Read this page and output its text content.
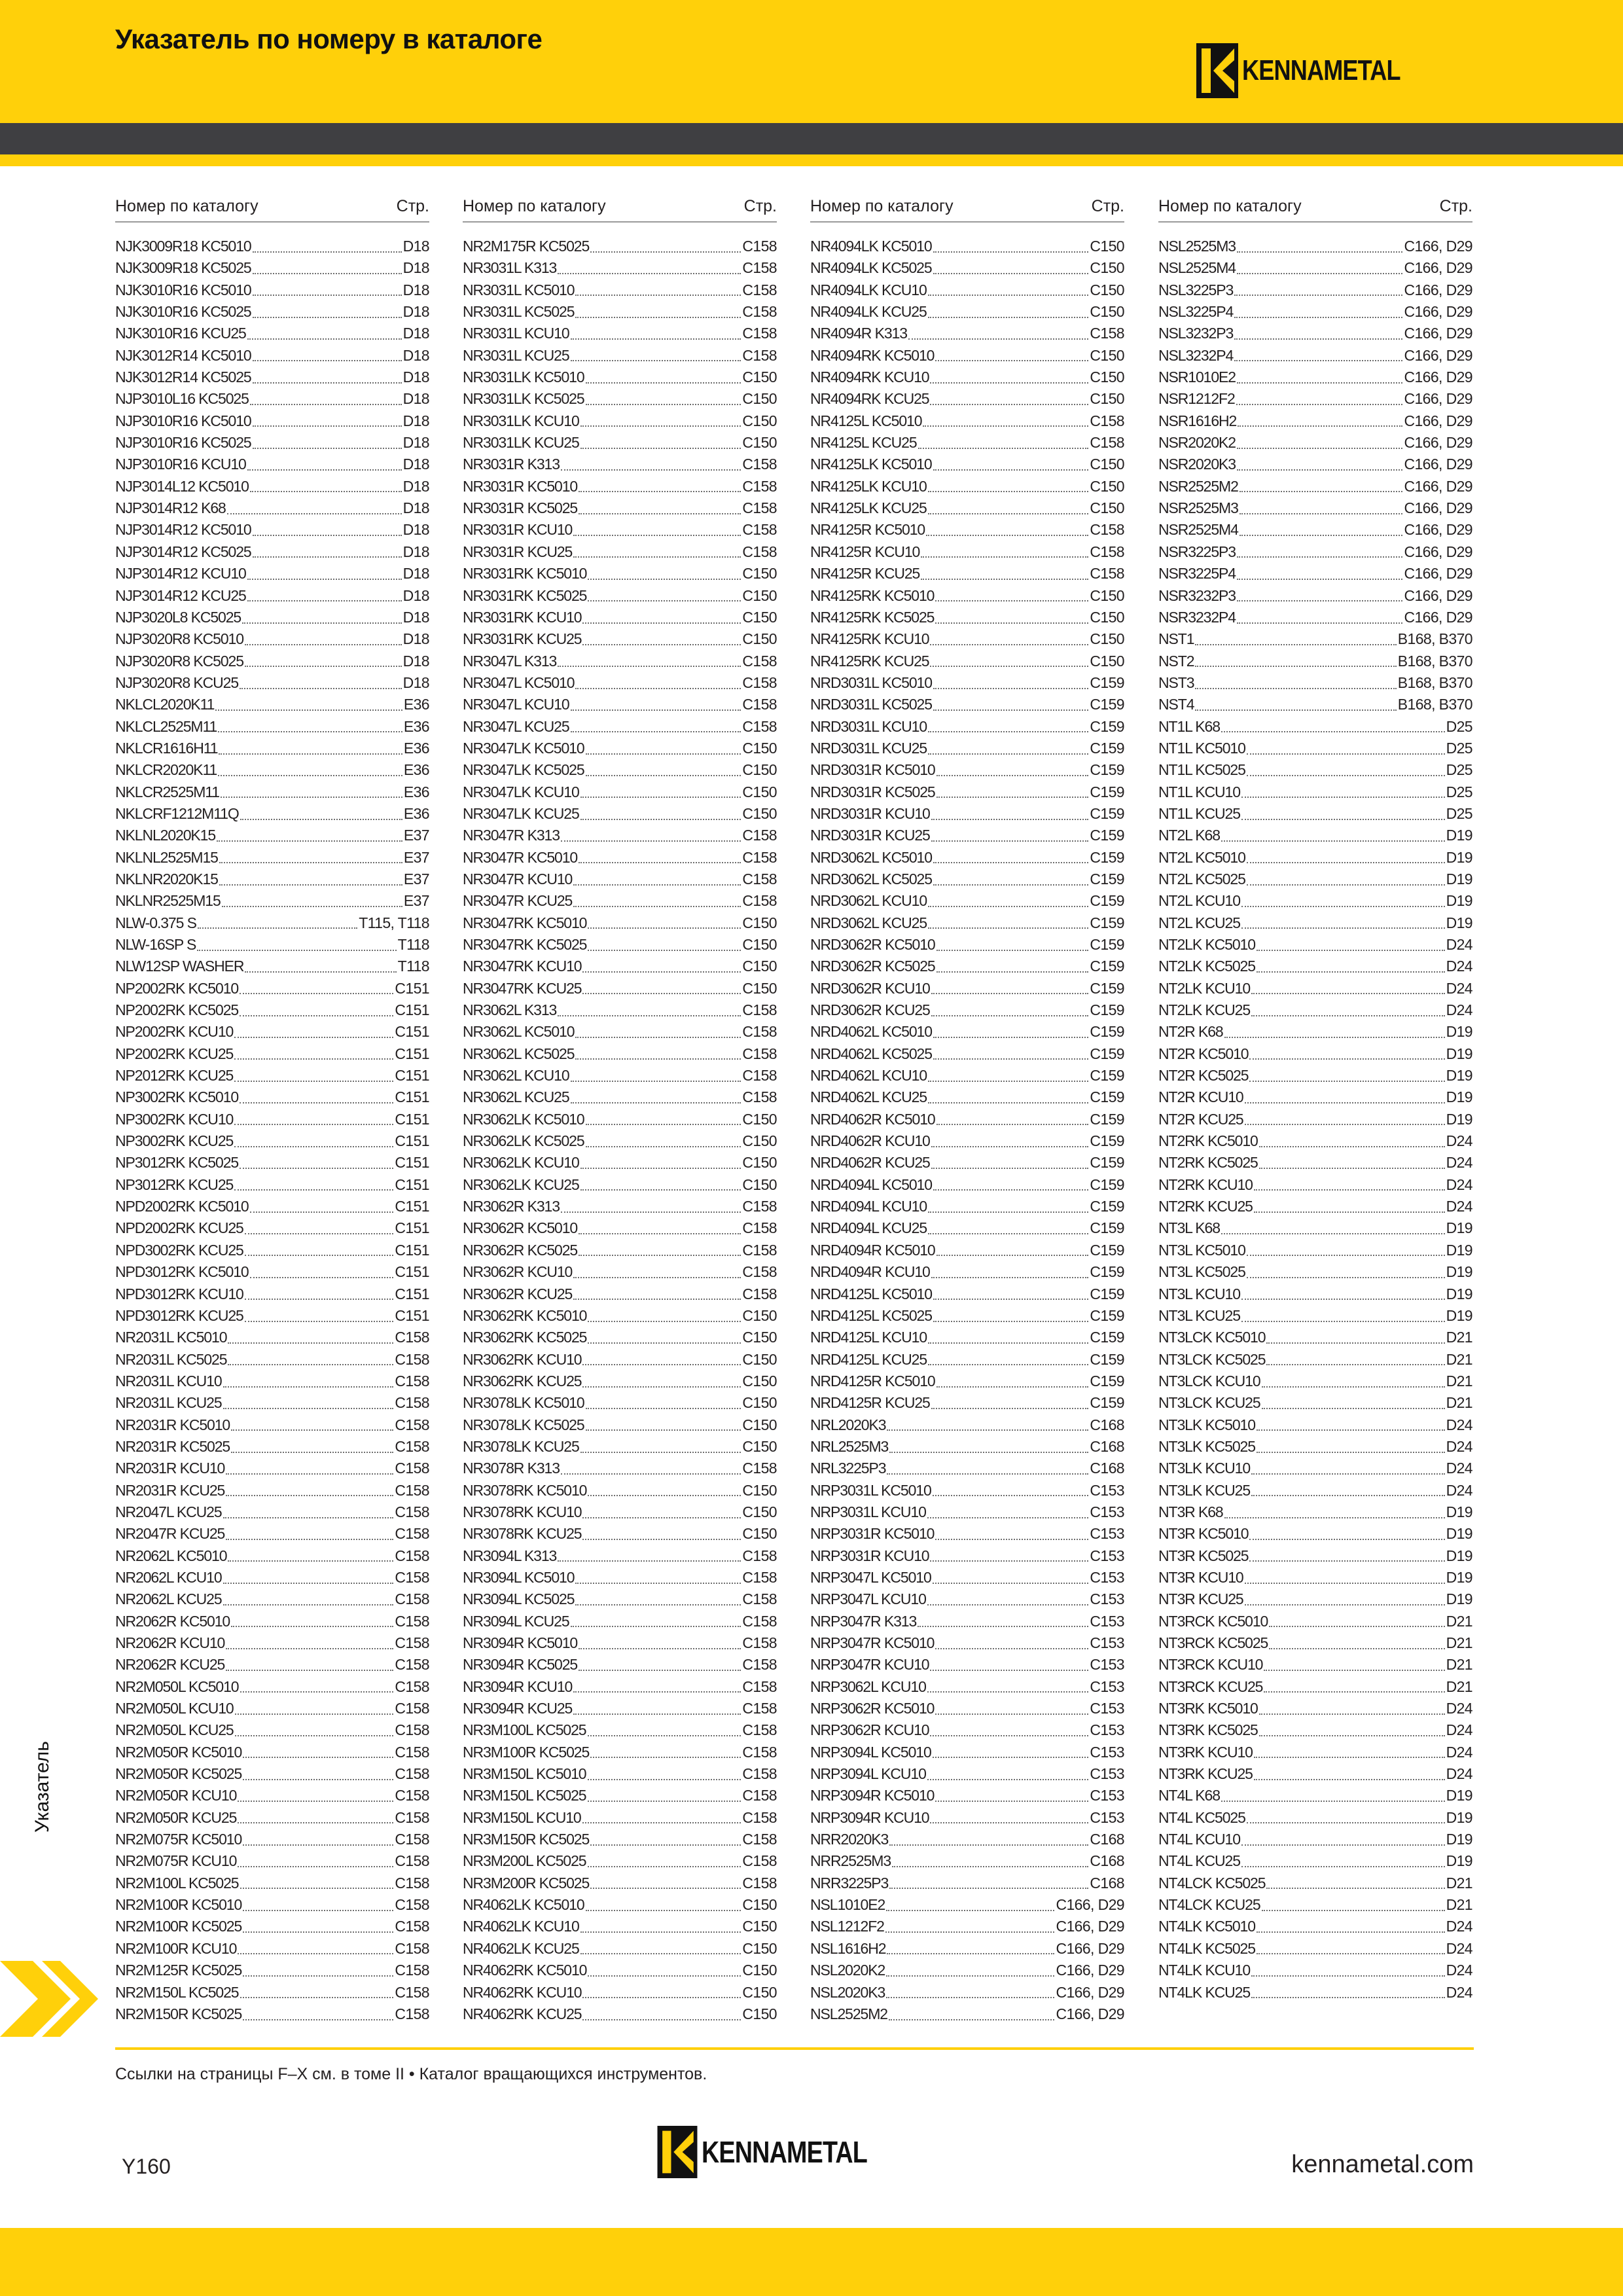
Указатель по номеру в каталоге
KENNAMETAL
Номер по каталогу	Стр.
NJK3009R18 KC5010	D18
NJK3009R18 KC5025	D18
NJK3010R16 KC5010	D18
NJK3010R16 KC5025	D18
NJK3010R16 KCU25	D18
NJK3012R14 KC5010	D18
NJK3012R14 KC5025	D18
NJP3010L16 KC5025	D18
NJP3010R16 KC5010	D18
NJP3010R16 KC5025	D18
NJP3010R16 KCU10	D18
NJP3014L12 KC5010	D18
NJP3014R12 K68	D18
NJP3014R12 KC5010	D18
NJP3014R12 KC5025	D18
NJP3014R12 KCU10	D18
NJP3014R12 KCU25	D18
NJP3020L8 KC5025	D18
NJP3020R8 KC5010	D18
NJP3020R8 KC5025	D18
NJP3020R8 KCU25	D18
NKLCL2020K11	E36
NKLCL2525M11	E36
NKLCR1616H11	E36
NKLCR2020K11	E36
NKLCR2525M11	E36
NKLCRF1212M11Q	E36
NKLNL2020K15	E37
NKLNL2525M15	E37
NKLNR2020K15	E37
NKLNR2525M15	E37
NLW-0.375 S	T115, T118
NLW-16SP S	T118
NLW12SP WASHER	T118
NP2002RK KC5010	C151
NP2002RK KC5025	C151
NP2002RK KCU10	C151
NP2002RK KCU25	C151
NP2012RK KCU25	C151
NP3002RK KC5010	C151
NP3002RK KCU10	C151
NP3002RK KCU25	C151
NP3012RK KC5025	C151
NP3012RK KCU25	C151
NPD2002RK KC5010	C151
NPD2002RK KCU25	C151
NPD3002RK KCU25	C151
NPD3012RK KC5010	C151
NPD3012RK KCU10	C151
NPD3012RK KCU25	C151
NR2031L KC5010	C158
NR2031L KC5025	C158
NR2031L KCU10	C158
NR2031L KCU25	C158
NR2031R KC5010	C158
NR2031R KC5025	C158
NR2031R KCU10	C158
NR2031R KCU25	C158
NR2047L KCU25	C158
NR2047R KCU25	C158
NR2062L KC5010	C158
NR2062L KCU10	C158
NR2062L KCU25	C158
NR2062R KC5010	C158
NR2062R KCU10	C158
NR2062R KCU25	C158
NR2M050L KC5010	C158
NR2M050L KCU10	C158
NR2M050L KCU25	C158
NR2M050R KC5010	C158
NR2M050R KC5025	C158
NR2M050R KCU10	C158
NR2M050R KCU25	C158
NR2M075R KC5010	C158
NR2M075R KCU10	C158
NR2M100L KC5025	C158
NR2M100R KC5010	C158
NR2M100R KC5025	C158
NR2M100R KCU10	C158
NR2M125R KC5025	C158
NR2M150L KC5025	C158
NR2M150R KC5025	C158
Номер по каталогу	Стр.
NR2M175R KC5025	C158
NR3031L K313	C158
NR3031L KC5010	C158
NR3031L KC5025	C158
NR3031L KCU10	C158
NR3031L KCU25	C158
NR3031LK KC5010	C150
NR3031LK KC5025	C150
NR3031LK KCU10	C150
NR3031LK KCU25	C150
NR3031R K313	C158
NR3031R KC5010	C158
NR3031R KC5025	C158
NR3031R KCU10	C158
NR3031R KCU25	C158
NR3031RK KC5010	C150
NR3031RK KC5025	C150
NR3031RK KCU10	C150
NR3031RK KCU25	C150
NR3047L K313	C158
NR3047L KC5010	C158
NR3047L KCU10	C158
NR3047L KCU25	C158
NR3047LK KC5010	C150
NR3047LK KC5025	C150
NR3047LK KCU10	C150
NR3047LK KCU25	C150
NR3047R K313	C158
NR3047R KC5010	C158
NR3047R KCU10	C158
NR3047R KCU25	C158
NR3047RK KC5010	C150
NR3047RK KC5025	C150
NR3047RK KCU10	C150
NR3047RK KCU25	C150
NR3062L K313	C158
NR3062L KC5010	C158
NR3062L KC5025	C158
NR3062L KCU10	C158
NR3062L KCU25	C158
NR3062LK KC5010	C150
NR3062LK KC5025	C150
NR3062LK KCU10	C150
NR3062LK KCU25	C150
NR3062R K313	C158
NR3062R KC5010	C158
NR3062R KC5025	C158
NR3062R KCU10	C158
NR3062R KCU25	C158
NR3062RK KC5010	C150
NR3062RK KC5025	C150
NR3062RK KCU10	C150
NR3062RK KCU25	C150
NR3078LK KC5010	C150
NR3078LK KC5025	C150
NR3078LK KCU25	C150
NR3078R K313	C158
NR3078RK KC5010	C150
NR3078RK KCU10	C150
NR3078RK KCU25	C150
NR3094L K313	C158
NR3094L KC5010	C158
NR3094L KC5025	C158
NR3094L KCU25	C158
NR3094R KC5010	C158
NR3094R KC5025	C158
NR3094R KCU10	C158
NR3094R KCU25	C158
NR3M100L KC5025	C158
NR3M100R KC5025	C158
NR3M150L KC5010	C158
NR3M150L KC5025	C158
NR3M150L KCU10	C158
NR3M150R KC5025	C158
NR3M200L KC5025	C158
NR3M200R KC5025	C158
NR4062LK KC5010	C150
NR4062LK KCU10	C150
NR4062LK KCU25	C150
NR4062RK KC5010	C150
NR4062RK KCU10	C150
NR4062RK KCU25	C150
Номер по каталогу	Стр.
NR4094LK KC5010	C150
NR4094LK KC5025	C150
NR4094LK KCU10	C150
NR4094LK KCU25	C150
NR4094R K313	C158
NR4094RK KC5010	C150
NR4094RK KCU10	C150
NR4094RK KCU25	C150
NR4125L KC5010	C158
NR4125L KCU25	C158
NR4125LK KC5010	C150
NR4125LK KCU10	C150
NR4125LK KCU25	C150
NR4125R KC5010	C158
NR4125R KCU10	C158
NR4125R KCU25	C158
NR4125RK KC5010	C150
NR4125RK KC5025	C150
NR4125RK KCU10	C150
NR4125RK KCU25	C150
NRD3031L KC5010	C159
NRD3031L KC5025	C159
NRD3031L KCU10	C159
NRD3031L KCU25	C159
NRD3031R KC5010	C159
NRD3031R KC5025	C159
NRD3031R KCU10	C159
NRD3031R KCU25	C159
NRD3062L KC5010	C159
NRD3062L KC5025	C159
NRD3062L KCU10	C159
NRD3062L KCU25	C159
NRD3062R KC5010	C159
NRD3062R KC5025	C159
NRD3062R KCU10	C159
NRD3062R KCU25	C159
NRD4062L KC5010	C159
NRD4062L KC5025	C159
NRD4062L KCU10	C159
NRD4062L KCU25	C159
NRD4062R KC5010	C159
NRD4062R KCU10	C159
NRD4062R KCU25	C159
NRD4094L KC5010	C159
NRD4094L KCU10	C159
NRD4094L KCU25	C159
NRD4094R KC5010	C159
NRD4094R KCU10	C159
NRD4125L KC5010	C159
NRD4125L KC5025	C159
NRD4125L KCU10	C159
NRD4125L KCU25	C159
NRD4125R KC5010	C159
NRD4125R KCU25	C159
NRL2020K3	C168
NRL2525M3	C168
NRL3225P3	C168
NRP3031L KC5010	C153
NRP3031L KCU10	C153
NRP3031R KC5010	C153
NRP3031R KCU10	C153
NRP3047L KC5010	C153
NRP3047L KCU10	C153
NRP3047R K313	C153
NRP3047R KC5010	C153
NRP3047R KCU10	C153
NRP3062L KCU10	C153
NRP3062R KC5010	C153
NRP3062R KCU10	C153
NRP3094L KC5010	C153
NRP3094L KCU10	C153
NRP3094R KC5010	C153
NRP3094R KCU10	C153
NRR2020K3	C168
NRR2525M3	C168
NRR3225P3	C168
NSL1010E2	C166, D29
NSL1212F2	C166, D29
NSL1616H2	C166, D29
NSL2020K2	C166, D29
NSL2020K3	C166, D29
NSL2525M2	C166, D29
Номер по каталогу	Стр.
NSL2525M3	C166, D29
NSL2525M4	C166, D29
NSL3225P3	C166, D29
NSL3225P4	C166, D29
NSL3232P3	C166, D29
NSL3232P4	C166, D29
NSR1010E2	C166, D29
NSR1212F2	C166, D29
NSR1616H2	C166, D29
NSR2020K2	C166, D29
NSR2020K3	C166, D29
NSR2525M2	C166, D29
NSR2525M3	C166, D29
NSR2525M4	C166, D29
NSR3225P3	C166, D29
NSR3225P4	C166, D29
NSR3232P3	C166, D29
NSR3232P4	C166, D29
NST1	B168, B370
NST2	B168, B370
NST3	B168, B370
NST4	B168, B370
NT1L K68	D25
NT1L KC5010	D25
NT1L KC5025	D25
NT1L KCU10	D25
NT1L KCU25	D25
NT2L K68	D19
NT2L KC5010	D19
NT2L KC5025	D19
NT2L KCU10	D19
NT2L KCU25	D19
NT2LK KC5010	D24
NT2LK KC5025	D24
NT2LK KCU10	D24
NT2LK KCU25	D24
NT2R K68	D19
NT2R KC5010	D19
NT2R KC5025	D19
NT2R KCU10	D19
NT2R KCU25	D19
NT2RK KC5010	D24
NT2RK KC5025	D24
NT2RK KCU10	D24
NT2RK KCU25	D24
NT3L K68	D19
NT3L KC5010	D19
NT3L KC5025	D19
NT3L KCU10	D19
NT3L KCU25	D19
NT3LCK KC5010	D21
NT3LCK KC5025	D21
NT3LCK KCU10	D21
NT3LCK KCU25	D21
NT3LK KC5010	D24
NT3LK KC5025	D24
NT3LK KCU10	D24
NT3LK KCU25	D24
NT3R K68	D19
NT3R KC5010	D19
NT3R KC5025	D19
NT3R KCU10	D19
NT3R KCU25	D19
NT3RCK KC5010	D21
NT3RCK KC5025	D21
NT3RCK KCU10	D21
NT3RCK KCU25	D21
NT3RK KC5010	D24
NT3RK KC5025	D24
NT3RK KCU10	D24
NT3RK KCU25	D24
NT4L K68	D19
NT4L KC5025	D19
NT4L KCU10	D19
NT4L KCU25	D19
NT4LCK KC5025	D21
NT4LCK KCU25	D21
NT4LK KC5010	D24
NT4LK KC5025	D24
NT4LK KCU10	D24
NT4LK KCU25	D24
Указатель
Ссылки на страницы F–X см. в томе II • Каталог вращающихся инструментов.
Y160	KENNAMETAL	kennametal.com
